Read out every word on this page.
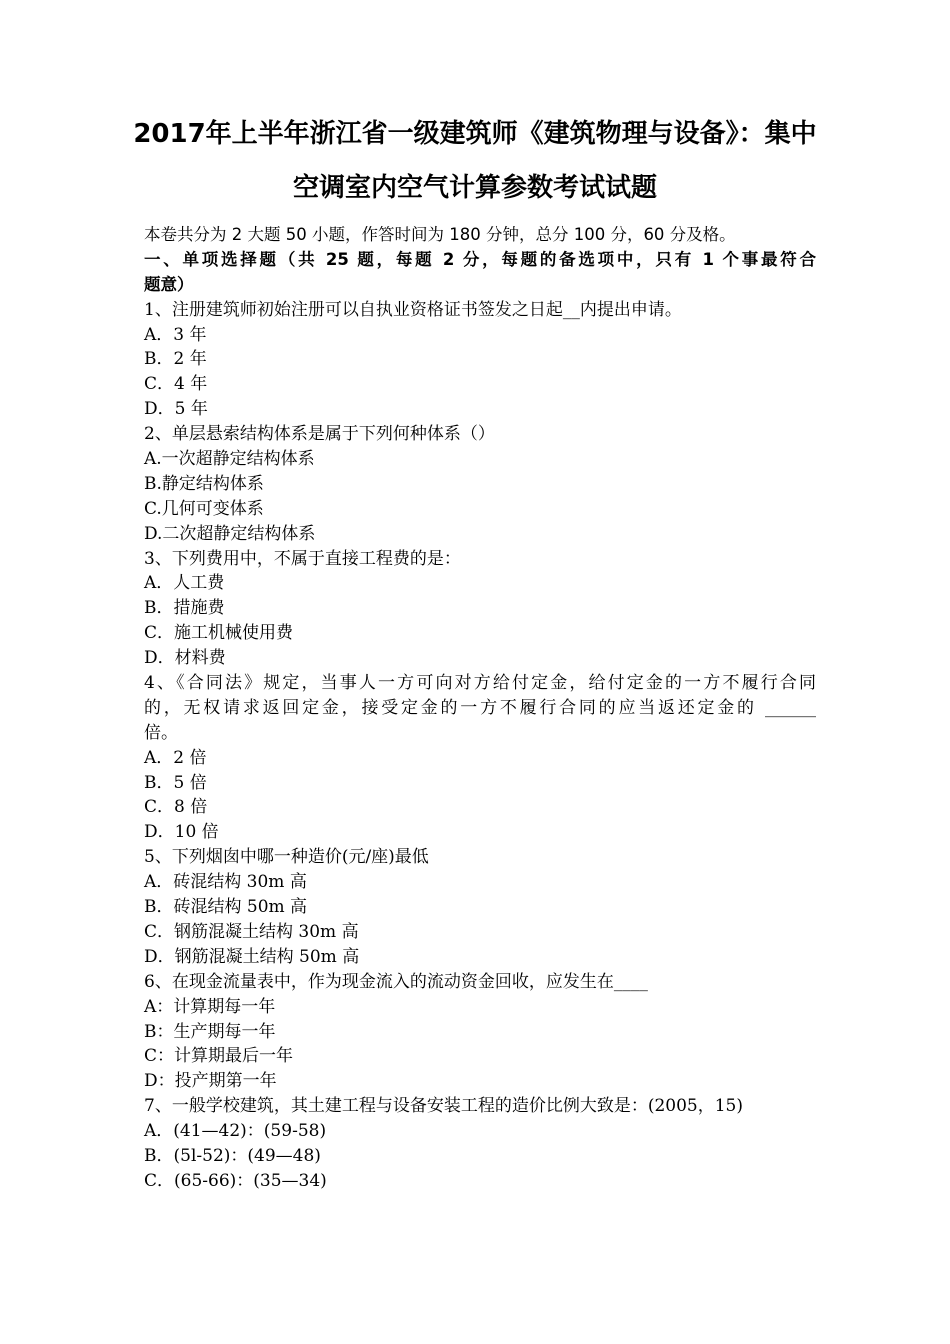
2017年上半年浙江省一级建筑师《建筑物理与设备》：集中
空调室内空气计算参数考试试题
本卷共分为 2 大题 50 小题，作答时间为 180 分钟，总分 100 分，60 分及格。
一、单项选择题（共 25 题，每题 2 分，每题的备选项中，只有 1 个事最符合
题意）
1、注册建筑师初始注册可以自执业资格证书签发之日起__内提出申请。
A．3 年
B．2 年
C．4 年
D．5 年
2、单层悬索结构体系是属于下列何种体系（）
A.一次超静定结构体系
B.静定结构体系
C.几何可变体系
D.二次超静定结构体系
3、下列费用中，不属于直接工程费的是：
A．人工费
B．措施费
C．施工机械使用费
D．材料费
4、《合同法》规定，当事人一方可向对方给付定金，给付定金的一方不履行合同
的，无权请求返回定金，接受定金的一方不履行合同的应当返还定金的 ______
倍。
A．2 倍
B．5 倍
C．8 倍
D．10 倍
5、下列烟囱中哪一种造价(元/座)最低
A．砖混结构 30m 高
B．砖混结构 50m 高
C．钢筋混凝土结构 30m 高
D．钢筋混凝土结构 50m 高
6、在现金流量表中，作为现金流入的流动资金回收，应发生在____
A：计算期每一年
B：生产期每一年
C：计算期最后一年
D：投产期第一年
7、一般学校建筑，其土建工程与设备安装工程的造价比例大致是：(2005，15)
A．(41—42)：(59-58)
B．(5l-52)：(49—48)
C．(65-66)：(35—34)
